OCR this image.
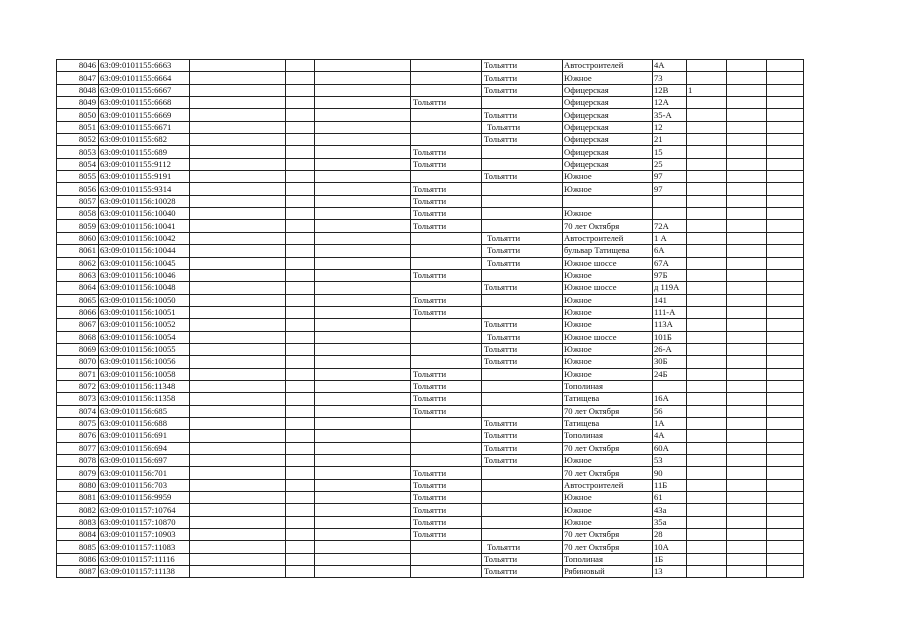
8046	63:09:0101155:6663					Тольятти	Автостроителей	4А			
8047	63:09:0101155:6664					Тольятти	Южное	73			
8048	63:09:0101155:6667					Тольятти	Офицерская	12В	1		
8049	63:09:0101155:6668				Тольятти		Офицерская	12А			
8050	63:09:0101155:6669					Тольятти	Офицерская	35-А			
8051	63:09:0101155:6671					Тольятти	Офицерская	12			
8052	63:09:0101155:682					Тольятти	Офицерская	21			
8053	63:09:0101155:689				Тольятти		Офицерская	15			
8054	63:09:0101155:9112				Тольятти		Офицерская	25			
8055	63:09:0101155:9191					Тольятти	Южное	97			
8056	63:09:0101155:9314				Тольятти		Южное	97			
8057	63:09:0101156:10028				Тольятти						
8058	63:09:0101156:10040				Тольятти		Южное				
8059	63:09:0101156:10041				Тольятти		70 лет Октября	72А			
8060	63:09:0101156:10042					Тольятти	Автостроителей	1 А			
8061	63:09:0101156:10044					Тольятти	бульвар Татищева	6А			
8062	63:09:0101156:10045					Тольятти	Южное шоссе	67А			
8063	63:09:0101156:10046				Тольятти		Южное	97Б			
8064	63:09:0101156:10048					Тольятти	Южное шоссе	д 119А			
8065	63:09:0101156:10050				Тольятти		Южное	141			
8066	63:09:0101156:10051				Тольятти		Южное	111-А			
8067	63:09:0101156:10052					Тольятти	Южное	113А			
8068	63:09:0101156:10054					Тольятти	Южное шоссе	101Б			
8069	63:09:0101156:10055					Тольятти	Южное	26-А			
8070	63:09:0101156:10056					Тольятти	Южное	30Б			
8071	63:09:0101156:10058				Тольятти		Южное	24Б			
8072	63:09:0101156:11348				Тольятти		Тополиная				
8073	63:09:0101156:11358				Тольятти		Татищева	16А			
8074	63:09:0101156:685				Тольятти		70 лет Октября	56			
8075	63:09:0101156:688					Тольятти	Татищева	1А			
8076	63:09:0101156:691					Тольятти	Тополиная	4А			
8077	63:09:0101156:694					Тольятти	70 лет Октября	60А			
8078	63:09:0101156:697					Тольятти	Южное	53			
8079	63:09:0101156:701				Тольятти		70 лет Октября	90			
8080	63:09:0101156:703				Тольятти		Автостроителей	11Б			
8081	63:09:0101156:9959				Тольятти		Южное	61			
8082	63:09:0101157:10764				Тольятти		Южное	43а			
8083	63:09:0101157:10870				Тольятти		Южное	35а			
8084	63:09:0101157:10903				Тольятти		70 лет Октября	28			
8085	63:09:0101157:11083					Тольятти	70 лет Октября	10А			
8086	63:09:0101157:11116					Тольятти	Тополиная	1Б			
8087	63:09:0101157:11138					Тольятти	Рябиновый	13			
